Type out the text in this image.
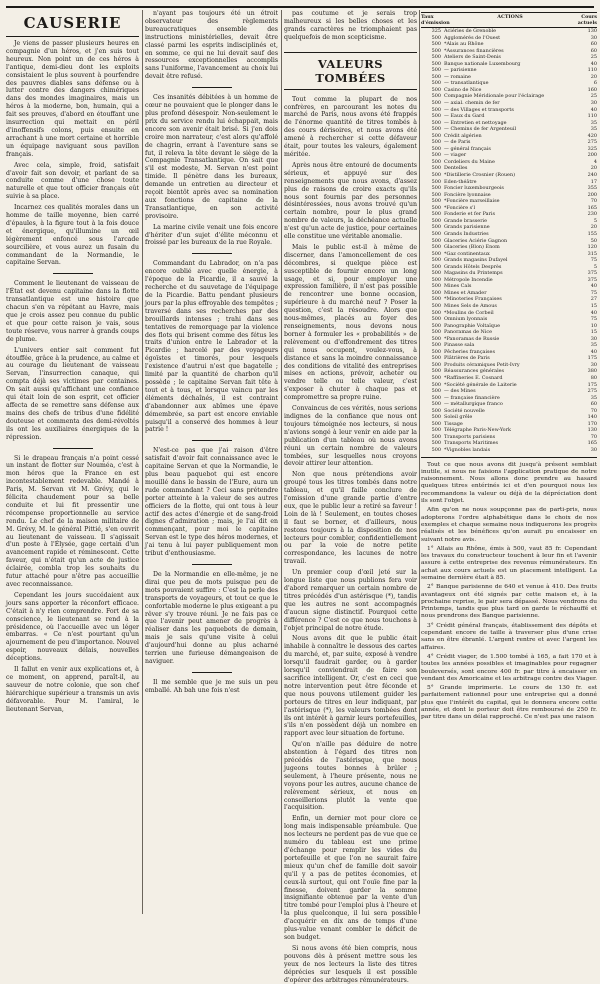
CAUSERIE

Je viens de passer plusieurs heures en compagnie d'un héros, et j'en suis tout heureux. Non point un de ces héros à l'antique, demi-dieu dont les exploits consistaient le plus souvent à pourfendre des pauvres diables sans défense ou à lutter contre des dangers chimériques dans des mondes imaginaires, mais un héros à la moderne, bon, humain, qui a fait ses preuves, d'abord en étouffant une insurrection qui mettait en péril d'inoffensifs colons, puis ensuite en arrachant à une mort certaine et horrible un équipage naviguant sous pavillon français.

Avec cela, simple, froid, satisfait d'avoir fait son devoir, et parlant de sa conduite comme d'une chose toute naturelle et que tout officier français eût suivie à sa place.

Incarnez ces qualités morales dans un homme de taille moyenne, bien carré d'épaules, à la figure tout à la fois douce et énergique, qu'illumine un œil légèrement enfoncé sous l'arcade sourcilière, et vous aurez un fusain du commandant de la Normandie, le capitaine Servan.

Comment le lieutenant de vaisseau de l'État est devenu capitaine dans la flotte transatlantique est une histoire que chacun s'en va répétant au Havre, mais que je crois assez peu connue du public et que pour cette raison je vais, sous toute réserve, vous narrer à grands coups de plume.

L'univers entier sait comment fut étouffée, grâce à la prudence, au calme et au courage du lieutenant de vaisseau Servan, l'insurrection canaque, qui compta déjà ses victimes par centaines. On sait aussi qu'affichant une confiance qui était loin de son esprit, cet officier affecta de se remettre sans défense aux mains des chefs de tribus d'une fidélité douteuse et commenta des demi-révoltés ils ont les auxiliaires énergiques de la répression.

Si le drapeau français n'a point cessé un instant de flotter sur Nouméa, c'est à mon héros que la France en est incontestablement redevable. Mandé à Paris, M. Servan vit M. Grévy, qui le félicita chaudement pour sa belle conduite et lui fit pressentir une récompense proportionnelle au service rendu. Le chef de la maison militaire de M. Grévy, M. le général Pittié, s'en ouvrit au lieutenant de vaisseau. Il s'agissait d'un poste à l'Élysée, gage certain d'un avancement rapide et réminescent. Cette faveur, qui n'était qu'un acte de justice éclairée, combla trop les souhaits du futur attaché pour n'être pas accueillie avec reconnaissance.

Cependant les jours succédaient aux jours sans apporter la réconfort efficace. C'était à n'y rien comprendre. Fort de sa conscience, le lieutenant se rend à la présidence, où l'accueille avec un léger embarras. « Ce n'est pourtant qu'un ajournement de peu d'importance. Nouvel espoir, nouveaux délais, nouvelles déceptions.

Il fallut en venir aux explications et, à ce moment, on apprend, paraît-il, au sauveur de notre colonie, que son chef hiérarchique supérieur a transmis un avis défavorable. Pour M. l'amiral, le lieutenant Servan,

n'ayant pas toujours été un étroit observateur des règlements bureaucratiques ensemble des instructions ministérielles, devait être classé parmi les esprits indisciplinés et, en somme, ce qui ne lui devait sauf des ressources exceptionnelles accomplis sans l'uniforme, l'avancement au choix lui devait être refusé.

Ces insanités débitées à un homme de cœur ne pouvaient que le plonger dans le plus profond désespoir. Non-seulement le prix du service rendu lui échappait, mais encore son avenir était brisé. Si j'en dois croire mon narrateur, c'est alors qu'affolé de chagrin, errant à l'aventure sans se fut, il releva la tête devant le siège de la Compagnie Transatlantique. On sait que s'il est modeste, M. Servan n'est point timide. Il pénètre dans les bureaux, demande un entretien au directeur et reçoit bientôt après avec sa nomination aux fonctions de capitaine de la Transatlantique, en son activité provisoire.

La marine civile venait une fois encore d'hériter d'un sujet d'élite méconnu et froissé par les bureaux de la rue Royale.

Commandant du Labrador, on n'a pas encore oublié avec quelle énergie, à l'époque de la Picardie, il a sauvé la recherche et du sauvetage de l'équipage de la Picardie. Battu pendant plusieurs jours par la plus effroyable des tempêtes ; traversé dans ses recherches par des brouillards intenses ; trahi dans ses tentatives de remorquage par la violence des flots qui brisent comme des fétus les traits d'union entre le Labrador et la Picardie ; harcelé par des voyageurs égoïstes et timorés, pour lesquels l'existence d'autrui n'est que bagatelle ; limité par la quantité de charbon qu'il possède ; le capitaine Servan fait tête à tout et à tous, et lorsque vaincu par les éléments déchaînés, il est contraint d'abandonner aux abîmes une épave démembrée, sa part est encore enviable puisqu'il a conservé des hommes à leur patrie !

N'est-ce pas que j'ai raison d'être satisfait d'avoir fait connaissance avec le capitaine Servan et que la Normandie, le plus beau paquebot qui est encore mouillé dans le bassin de l'Eure, aura un rude commandant ? Ceci sans prétendre porter atteinte à la valeur de ses autres officiers de la flotte, qui ont tous à leur actif des actes d'énergie et de sang-froid dignes d'admiration ; mais, je l'ai dit en commençant, pour moi le capitaine Servan est le type des héros modernes, et j'ai tenu à lui payer publiquement mon tribut d'enthousiasme.

De la Normandie en elle-même, je ne dirai que peu de mots puisque peu de mots pouvaient suffire : C'est la perle des transports de voyageurs, et tout ce que le confortable moderne le plus exigeant a pu rêver s'y trouve réuni. Je ne fais pas ce que l'avenir peut amener de progrès à réaliser dans les paquebots de demain, mais je sais qu'une visite à celui d'aujourd'hui donne au plus acharné terrien une furieuse démangeaison de naviguer.

Il me semble que je me suis un peu emballé. Ah bah une fois n'est

pas coutume et je serais trop malheureux si les belles choses et les grands caractères ne triomphaient pas quelquefois de mon scepticisme.

VALEURS TOMBÉES

Tout comme la plupart de nos confrères, en parcourant les notes du marché de Paris, nous avons été frappés de l'énorme quantité de titres tombés à des cours dérisoires, et nous avons été amené à rechercher si cette défaveur était, pour toutes les valeurs, également méritée.

Après nous être entouré de documents sérieux, et appuyé sur des renseignements que nous avons, d'assez plus de raisons de croire exacts qu'ils nous sont fournis par des personnes désintéressées, nous avons trouvé qu'un certain nombre, pour le plus grand nombre de valeurs, la déchéance actuelle n'est qu'un acte de justice, pour certaines elle constitue une véritable anomalie.

Mais le public est-il à même de discerner, dans l'amoncellement de ces décombres, si quelque pièce est susceptible de fournir encore un long usage, et si, pour employer une expression familière, il n'est pas possible de rencontrer une bonne occasion, supérieure à du marché neuf ? Poser la question, c'est la résoudre. Alors que nous-mêmes, placés au foyer des renseignements, nous devons nous borner à formuler les « probabilités » de relèvement ou d'effondrement des titres qui nous occupent, voulez-vous, à distance et sans la moindre connaissance des conditions de vitalité des entreprises mises en actions, prévoir, acheter ou vendre telle ou telle valeur, c'est s'exposer à chuter à chaque pas et compromettre sa propre ruine.

Convaincus de ces vérités, nous serions indignes de la confiance que nous ont toujours témoignée nos lecteurs, si nous n'avions songé à leur venir en aide par la publication d'un tableau où nous avons réuni un certain nombre de valeurs tombées, sur lesquelles nous croyons devoir attirer leur attention.

Non que nous prétendions avoir groupé tous les titres tombés dans notre tableau, et qu'il faille conclure de l'omission d'une grande partie d'entre eux, que le public leur a retiré sa faveur ! Loin de là ! Seulement, en toutes choses il faut se borner, et d'ailleurs, nous restons toujours à la disposition de nos lecteurs pour combler, confidentiellement ou par la voie de notre petite correspondance, les lacunes de notre travail.

Un premier coup d'œil jeté sur la longue liste que nous publions fera voir d'abord remarquer un certain nombre de titres précédés d'un astérisque (*), tandis que les autres ne sont accompagnés d'aucun signe distinctif. Pourquoi cette différence ? C'est ce que nous touchons à l'objet principal de notre étude.

Nous avons dit que le public était inhabile à connaître le dessous des cartes du marché, et, par suite, exposé à vendre lorsqu'il faudrait garder, ou à garder lorsqu'il conviendrait de faire son sacrifice intelligent. Or, c'est en ceci que notre intervention peut être féconde et que nous pouvons utilement guider les porteurs de titres en leur indiquant, par l'astérisque (*), les valeurs tombées dont ils ont intérêt à garnir leurs portefeuilles, s'ils n'en possèdent déjà un nombre en rapport avec leur situation de fortune.

Qu'on n'aille pas déduire de notre abstention à l'égard des titres non précédés de l'astérisque, que nous jugeons toutes bonnes à brûler ; seulement, à l'heure présente, nous ne voyons pour les autres, aucune chance de relèvement sérieux, et nous en conseillerions plutôt la vente que l'acquisition.

Enfin, un dernier mot pour clore ce long mais indispensable préambule. Que nos lecteurs ne perdent pas de vue que ce numéro du tableau est une prime d'échange pour remplir les vides du portefeuille et que l'on ne saurait faire mieux qu'un chef de famille doit savoir qu'il y a pas de petites économies, et ceux-là surtout, qui ont l'ouïe fine par la finesse, doivent garder la somme insignifiante obtenue par la vente d'un titre tombé pour l'emploi plus à l'heure et la plus quelconque, il lui sera possible d'acquérir en dix ans de temps d'une plus-value venant combler le déficit de son budget.

Si nous avons été bien compris, nous pouvons dès à présent mettre sous les yeux de nos lecteurs la liste des titres déprécies sur lesquels il est possible d'opérer des arbitrages rémunérateurs.

Taux d'émission
ACTIONS	Cours actuels
325 Aciéries de Grenoble	130
500 Agglomérés de l'Ouest	30
500 *Alais au Rhône	60
500 *Assurances financières	60
500 Ateliers de Saint-Denis	25
500 Banque nationale Luxembourg	40
500 — parisienne	110
500 — romaine	20
500 — transatlantique	6
500 Casino de Nice	160
500 Compagnie Méridionale pour l'éclairage	25
500 — axial. chemin de fer	30
500 — des Villages et transports	40
500 — Eaux du Gard	110
500 — Entretien et nettoyage	35
500 — Chemins de fer Argenteuil	35
500 Crédit algérien	420
500 — de Paris	275
500 — général français	325
500 — viager	200
500 Cordeliers du Maine	4
500 Dentelles	20
500 *Distillerie Crosnier (Rouen)	240
500 Eden-théâtre	17
500 Foncier luxembourgeois	355
500 Foncière lyonnaise	200
500 *Foncière marseillaise	70
500 *Foncière s'l	165
500 Fonderie et fer Paris	230
500 Grande brasserie	5
500 Grands parisienne	20
500 Grands Industries	155
500 Glaceries Aciérie Gagnon	50
500 Glaceries (Blon) Enom	120
500 *Gaz continentaux	315
500 Grands magasins Dufayel	75
500 Grands Hôtels Desprès	5
500 Magasins du Printemps	375
500 Métropole Incendie	375
500 Mines Cals	40
500 Mines et Amader	75
500 *Minoteries Françaises	27
500 Mines Sels de Amous	15
500 *Moulins de Corbeil	40
500 Omnium lyonnais	75
500 Panographie Voltaïque	10
500 Panoramas de Nice	15
500 *Panoramas de Russie	30
500 Pinasse sala	35
500 Pêcheries françaises	40
500 Plâtrières de Paris	175
500 Produits céramiques Petit-Ivry	30
500 Réassurances générales	380
500 *Raffineries E. Cosnard	80
500 *Société générale de Laiterie	175
500 — des Mines	275
500 — française financière	35
500 — métallurgique franco	60
500 Société nouvelle	70
500 Soleil grêle	140
500 Tissage	170
500 Télégraphe Paris-New-York	130
500 Transports parisiens	70
500 Transports Maritimes	165
500 *Vignobles landais	30

Tout ce que nous avons dit jusqu'à présent semblait inutile, si nous ne faisions l'application pratique de notre raisonnement. Nous allons donc prendre au hasard quelques titres entérinés ici et d'en pourquoi nous les recommandons la valeur ou déjà de la dépréciation dont ils sont l'objet.

Afin qu'on ne nous soupçonne pas de parti-pris, nous adopterons l'ordre alphabétique dans le choix de nos exemples et chaque semaine nous indiquerons les progrès réalisés et les bénéfices qu'on aurait pu encaisser en suivant notre avis.

1° Allais au Rhône, émis à 500, vaut 85 fr. Cependant les travaux du constructeur touchent à leur fin et l'avenir assure à cette entreprise des revenus rémunérateurs. En achat aux cours actuels est un placement intelligent. La semaine dernière était à 85.

2° Banque parisienne de 640 et venue à 410. Des fruits avantageux ont été signés par cette maison et, à la prochaine reprise, le pair sera dépassé. Nous vendrons du Printemps, tandis que plus tard on garde le réchauffé et nous prendrons des Banque parisienne.

3° Crédit général français, établissement des dépôts et cependant encore de taille à traverser plus d'une crise sans en être ébranlé. L'argent rentre et avec l'argent les affaires.

4° Crédit viager, de 1.500 tombé à 165, a fait 170 et à toutes les années possibles et imaginables pour regagner bouleversés, sont encore 400 fr. par titre à encaisser en vendant des Amoricaine et les arbitrage contre des Viager.

5° Grande imprimerie. Le cours de 130 fr. est parfaitement rationnel pour une entreprise qui a donné plus que l'intérêt du capital, qui le donnera encore cette année, et dont le porteur doit être remboursé de 250 fr. par titre dans un délai rapproché. Ce n'est pas une raison
